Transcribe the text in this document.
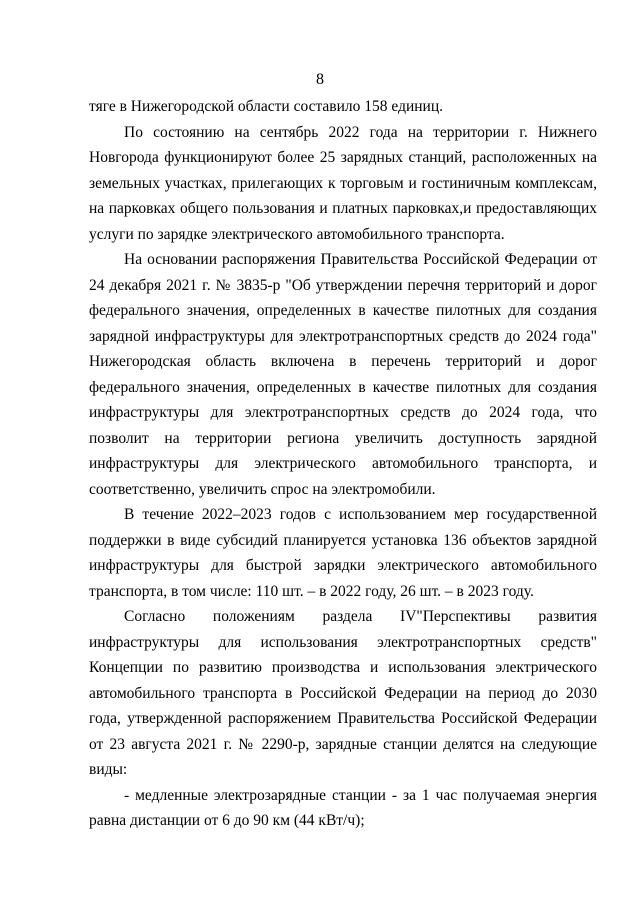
8

тяге в Нижегородской области составило 158 единиц.

По состоянию на сентябрь 2022 года на территории г. Нижнего Новгорода функционируют более 25 зарядных станций, расположенных на земельных участках, прилегающих к торговым и гостиничным комплексам, на парковках общего пользования и платных парковках,и предоставляющих услуги по зарядке электрического автомобильного транспорта.

На основании распоряжения Правительства Российской Федерации от 24 декабря 2021 г. № 3835-р "Об утверждении перечня территорий и дорог федерального значения, определенных в качестве пилотных для создания зарядной инфраструктуры для электротранспортных средств до 2024 года" Нижегородская область включена в перечень территорий и дорог федерального значения, определенных в качестве пилотных для создания инфраструктуры для электротранспортных средств до 2024 года, что позволит на территории региона увеличить доступность зарядной инфраструктуры для электрического автомобильного транспорта, и соответственно, увеличить спрос на электромобили.

В течение 2022–2023 годов с использованием мер государственной поддержки в виде субсидий планируется установка 136 объектов зарядной инфраструктуры для быстрой зарядки электрического автомобильного транспорта, в том числе: 110 шт. – в 2022 году, 26 шт. – в 2023 году.

Согласно положениям раздела IV"Перспективы развития инфраструктуры для использования электротранспортных средств" Концепции по развитию производства и использования электрического автомобильного транспорта в Российской Федерации на период до 2030 года, утвержденной распоряжением Правительства Российской Федерации от 23 августа 2021 г. № 2290-р, зарядные станции делятся на следующие виды:

- медленные электрозарядные станции - за 1 час получаемая энергия равна дистанции от 6 до 90 км (44 кВт/ч);
